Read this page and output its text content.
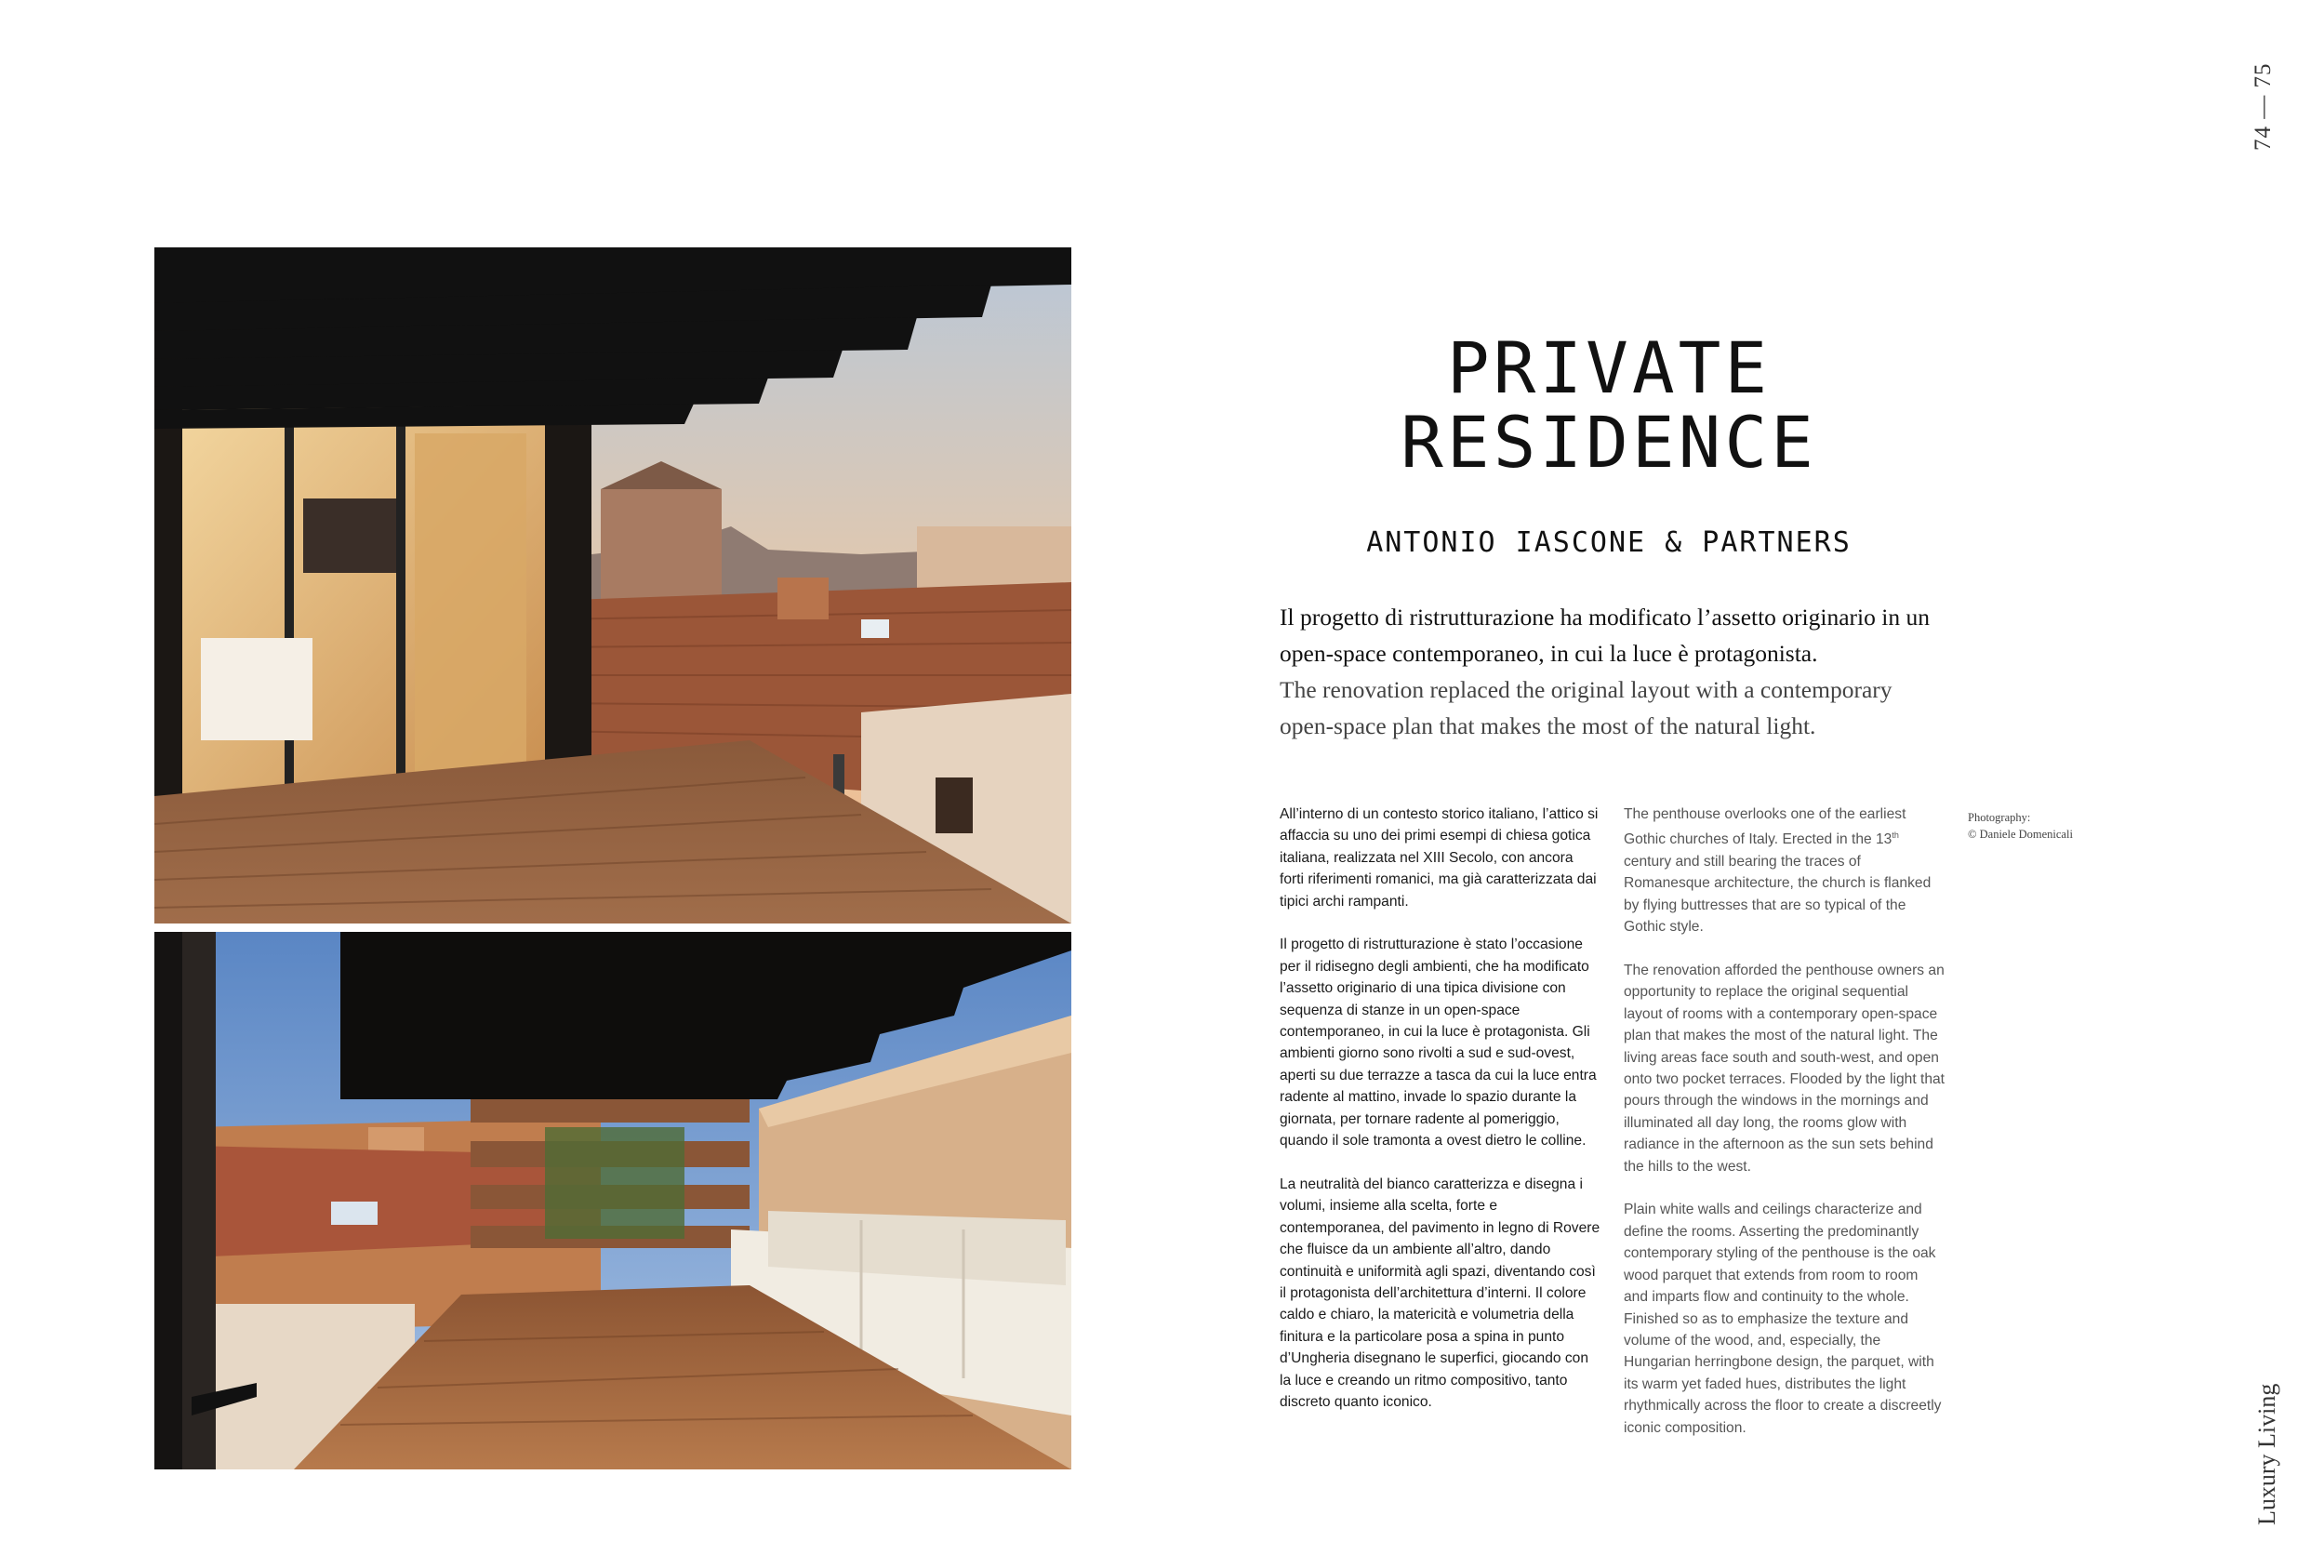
74 — 75
Luxury Living
PRIVATE
RESIDENCE
ANTONIO IASCONE & PARTNERS

Il progetto di ristrutturazione ha modificato l’assetto originario in un open-space contemporaneo, in cui la luce è protagonista.

The renovation replaced the original layout with a contemporary open-space plan that makes the most of the natural light.

All’interno di un contesto storico italiano, l’attico si affaccia su uno dei primi esempi di chiesa gotica italiana, realizzata nel XIII Secolo, con ancora forti riferimenti romanici, ma già caratterizzata dai tipici archi rampanti.

Il progetto di ristrutturazione è stato l’occasione per il ridisegno degli ambienti, che ha modificato l’assetto originario di una tipica divisione con sequenza di stanze in un open-space contemporaneo, in cui la luce è protagonista. Gli ambienti giorno sono rivolti a sud e sud-ovest, aperti su due terrazze a tasca da cui la luce entra radente al mattino, invade lo spazio durante la giornata, per tornare radente al pomeriggio, quando il sole tramonta a ovest dietro le colline.

La neutralità del bianco caratterizza e disegna i volumi, insieme alla scelta, forte e contemporanea, del pavimento in legno di Rovere che fluisce da un ambiente all’altro, dando continuità e uniformità agli spazi, diventando così il protagonista dell’architettura d’interni. Il colore caldo e chiaro, la matericità e volumetria della finitura e la particolare posa a spina in punto d’Ungheria disegnano le superfici, giocando con la luce e creando un ritmo compositivo, tanto discreto quanto iconico.

The penthouse overlooks one of the earliest Gothic churches of Italy. Erected in the 13th century and still bearing the traces of Romanesque architecture, the church is flanked by flying buttresses that are so typical of the Gothic style.

The renovation afforded the penthouse owners an opportunity to replace the original sequential layout of rooms with a contemporary open-space plan that makes the most of the natural light. The living areas face south and south-west, and open onto two pocket terraces. Flooded by the light that pours through the windows in the mornings and illuminated all day long, the rooms glow with radiance in the afternoon as the sun sets behind the hills to the west.

Plain white walls and ceilings characterize and define the rooms. Asserting the predominantly contemporary styling of the penthouse is the oak wood parquet that extends from room to room and imparts flow and continuity to the whole. Finished so as to emphasize the texture and volume of the wood, and, especially, the Hungarian herringbone design, the parquet, with its warm yet faded hues, distributes the light rhythmically across the floor to create a discreetly iconic composition.

Photography:
© Daniele Domenicali
